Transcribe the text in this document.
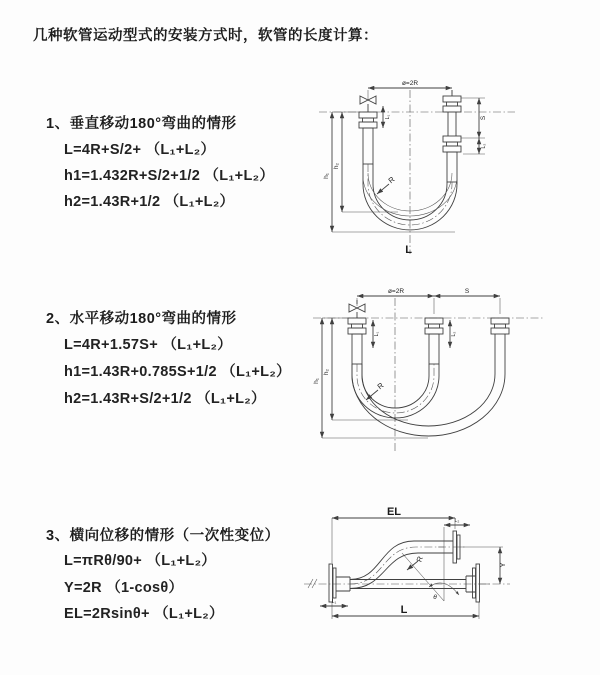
几种软管运动型式的安装方式时，软管的长度计算：
1、垂直移动180°弯曲的情形
L=4R+S/2+ （L₁+L₂）
h1=1.432R+S/2+1/2 （L₁+L₂）
h2=1.43R+1/2 （L₁+L₂）
2、水平移动180°弯曲的情形
L=4R+1.57S+ （L₁+L₂）
h1=1.43R+0.785S+1/2 （L₁+L₂）
h2=1.43R+S/2+1/2 （L₁+L₂）
3、横向位移的情形（一次性变位）
L=πRθ/90+ （L₁+L₂）
Y=2R （1-cosθ）
EL=2Rsinθ+ （L₁+L₂）
ø=2R
S
L₂
L₁
h₁
h₂
R
L
ø=2R	S
L₁	L₂
h₁
h₂
R
EL
L₂
Y
R
θ
L₁
L
